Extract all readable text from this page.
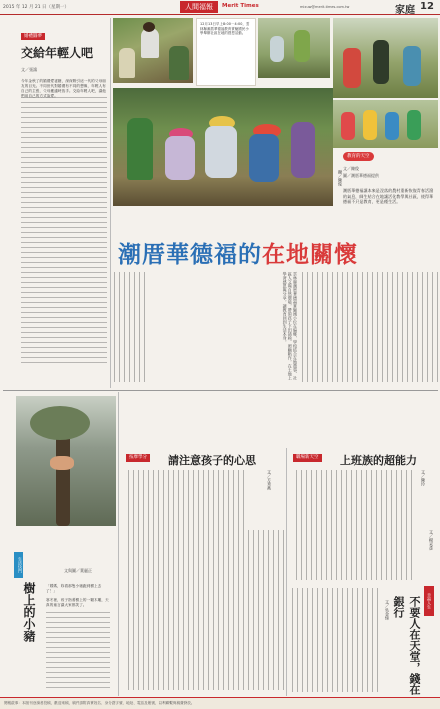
2015 年 12 月 21 日（星期一）	人間福報	Merit Times	mixuw@merit-times.com.tw	家庭 12
婚禮圓夢
交給年輕人吧
文／張鴻
今年金秋了的婚禮愛祕籍，深深吸引這一代的父母朋友的目光。不同世代對婚禮有不同的想像，年輕人有自己的主張，父母應適時放手。交給年輕人吧，讓他們用自己的方式說愛。
12月13日早上8:00－4:00，雲林縣潮厝華德福教育實驗國民小學舉辦社區在地的感恩活動。
攝／陳俊
教育的天空
文／陳俊
圖／潮厝華德福提供
潮厝華德福讓本來是沒落的農村重新恢復青春活潑的氣息，師生結合在地讓活化教學與社區，使得華德福不只是教育，更是種生活。
潮厝華德福的在地關懷
雲林縣潮厝華德福實驗國小位在偏鄉，學校結合在地農事、社區人文與自然環境，帶領孩子下田插秧、照顧稻作，在土地上學習感恩與分享，讓教育回到生活本身。
文與圖／葉麗正
生活快門
樹上的小豬	「媽媽，妳看那隻小豬跑到樹上去了！」
寒冬裡，孩子指著樹上的一顆木雕，天真的童言讓大家都笑了。
按摩學分 請注意孩子的心思
文／方秀燕
職場新天空 上班族的超能力
文／陳玲
文／楊采彥
幸福人生
不要人在天堂，錢在銀行
文／吳金悌
閱報啟事：本版刊登讀者投稿，歡迎來稿，稿件請附真實姓名、身分證字號、地址、電話及帳號，以利聯繫與稿費發放。
